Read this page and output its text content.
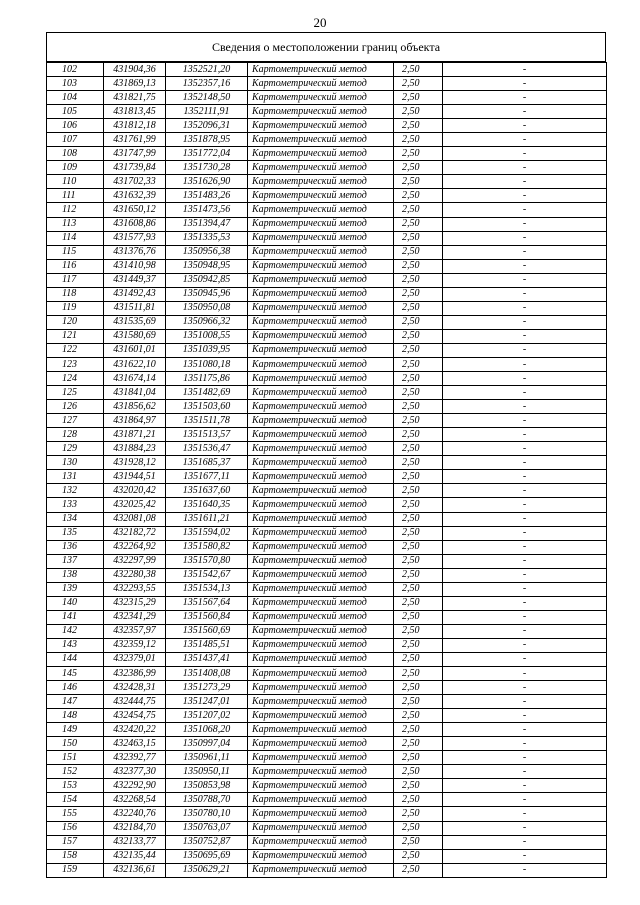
20
Сведения о местоположении границ объекта
102	431904,36	1352521,20	Картометрический метод	2,50	-
103	431869,13	1352357,16	Картометрический метод	2,50	-
104	431821,75	1352148,50	Картометрический метод	2,50	-
105	431813,45	1352111,91	Картометрический метод	2,50	-
106	431812,18	1352096,31	Картометрический метод	2,50	-
107	431761,99	1351878,95	Картометрический метод	2,50	-
108	431747,99	1351772,04	Картометрический метод	2,50	-
109	431739,84	1351730,28	Картометрический метод	2,50	-
110	431702,33	1351626,90	Картометрический метод	2,50	-
111	431632,39	1351483,26	Картометрический метод	2,50	-
112	431650,12	1351473,56	Картометрический метод	2,50	-
113	431608,86	1351394,47	Картометрический метод	2,50	-
114	431577,93	1351335,53	Картометрический метод	2,50	-
115	431376,76	1350956,38	Картометрический метод	2,50	-
116	431410,98	1350948,95	Картометрический метод	2,50	-
117	431449,37	1350942,85	Картометрический метод	2,50	-
118	431492,43	1350945,96	Картометрический метод	2,50	-
119	431511,81	1350950,08	Картометрический метод	2,50	-
120	431535,69	1350966,32	Картометрический метод	2,50	-
121	431580,69	1351008,55	Картометрический метод	2,50	-
122	431601,01	1351039,95	Картометрический метод	2,50	-
123	431622,10	1351080,18	Картометрический метод	2,50	-
124	431674,14	1351175,86	Картометрический метод	2,50	-
125	431841,04	1351482,69	Картометрический метод	2,50	-
126	431856,62	1351503,60	Картометрический метод	2,50	-
127	431864,97	1351511,78	Картометрический метод	2,50	-
128	431871,21	1351513,57	Картометрический метод	2,50	-
129	431884,23	1351536,47	Картометрический метод	2,50	-
130	431928,12	1351685,37	Картометрический метод	2,50	-
131	431944,51	1351677,11	Картометрический метод	2,50	-
132	432020,42	1351637,60	Картометрический метод	2,50	-
133	432025,42	1351640,35	Картометрический метод	2,50	-
134	432081,08	1351611,21	Картометрический метод	2,50	-
135	432182,72	1351594,02	Картометрический метод	2,50	-
136	432264,92	1351580,82	Картометрический метод	2,50	-
137	432297,99	1351570,80	Картометрический метод	2,50	-
138	432280,38	1351542,67	Картометрический метод	2,50	-
139	432293,55	1351534,13	Картометрический метод	2,50	-
140	432315,29	1351567,64	Картометрический метод	2,50	-
141	432341,29	1351560,84	Картометрический метод	2,50	-
142	432357,97	1351560,69	Картометрический метод	2,50	-
143	432359,12	1351485,51	Картометрический метод	2,50	-
144	432379,01	1351437,41	Картометрический метод	2,50	-
145	432386,99	1351408,08	Картометрический метод	2,50	-
146	432428,31	1351273,29	Картометрический метод	2,50	-
147	432444,75	1351247,01	Картометрический метод	2,50	-
148	432454,75	1351207,02	Картометрический метод	2,50	-
149	432420,22	1351068,20	Картометрический метод	2,50	-
150	432463,15	1350997,04	Картометрический метод	2,50	-
151	432392,77	1350961,11	Картометрический метод	2,50	-
152	432377,30	1350950,11	Картометрический метод	2,50	-
153	432292,90	1350853,98	Картометрический метод	2,50	-
154	432268,54	1350788,70	Картометрический метод	2,50	-
155	432240,76	1350780,10	Картометрический метод	2,50	-
156	432184,70	1350763,07	Картометрический метод	2,50	-
157	432133,77	1350752,87	Картометрический метод	2,50	-
158	432135,44	1350695,69	Картометрический метод	2,50	-
159	432136,61	1350629,21	Картометрический метод	2,50	-
